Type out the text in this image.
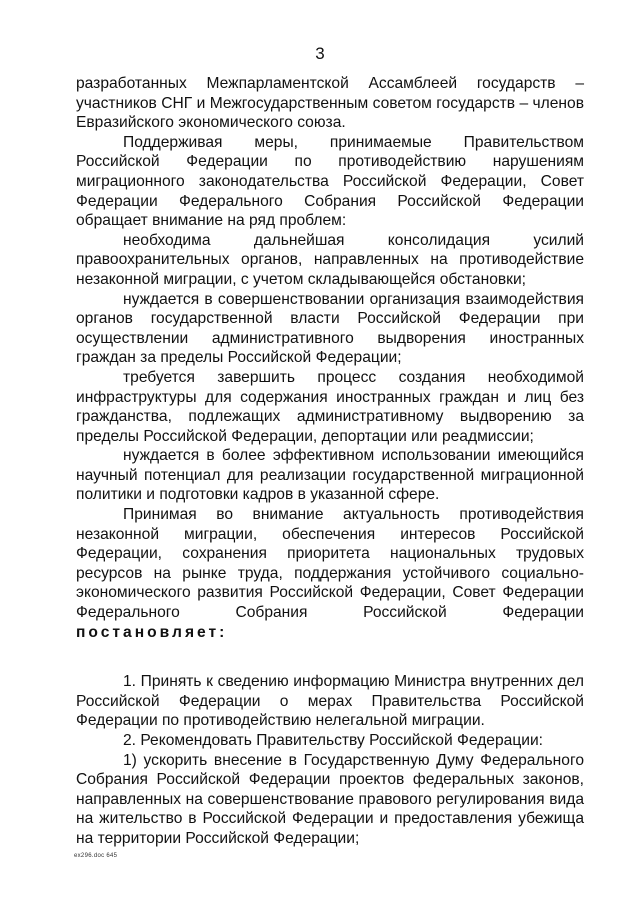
3

разработанных Межпарламентской Ассамблеей государств – участников СНГ и Межгосударственным советом государств – членов Евразийского экономического союза.

Поддерживая меры, принимаемые Правительством Российской Федерации по противодействию нарушениям миграционного законодательства Российской Федерации, Совет Федерации Федерального Собрания Российской Федерации обращает внимание на ряд проблем:

необходима дальнейшая консолидация усилий правоохранительных органов, направленных на противодействие незаконной миграции, с учетом складывающейся обстановки;

нуждается в совершенствовании организация взаимодействия органов государственной власти Российской Федерации при осуществлении административного выдворения иностранных граждан за пределы Российской Федерации;

требуется завершить процесс создания необходимой инфраструктуры для содержания иностранных граждан и лиц без гражданства, подлежащих административному выдворению за пределы Российской Федерации, депортации или реадмиссии;

нуждается в более эффективном использовании имеющийся научный потенциал для реализации государственной миграционной политики и подготовки кадров в указанной сфере.

Принимая во внимание актуальность противодействия незаконной миграции, обеспечения интересов Российской Федерации, сохранения приоритета национальных трудовых ресурсов на рынке труда, поддержания устойчивого социально-экономического развития Российской Федерации, Совет Федерации Федерального Собрания Российской Федерации постановляет:

1. Принять к сведению информацию Министра внутренних дел Российской Федерации о мерах Правительства Российской Федерации по противодействию нелегальной миграции.

2. Рекомендовать Правительству Российской Федерации:

1) ускорить внесение в Государственную Думу Федерального Собрания Российской Федерации проектов федеральных законов, направленных на совершенствование правового регулирования вида на жительство в Российской Федерации и предоставления убежища на территории Российской Федерации;

ex296.doc 645
